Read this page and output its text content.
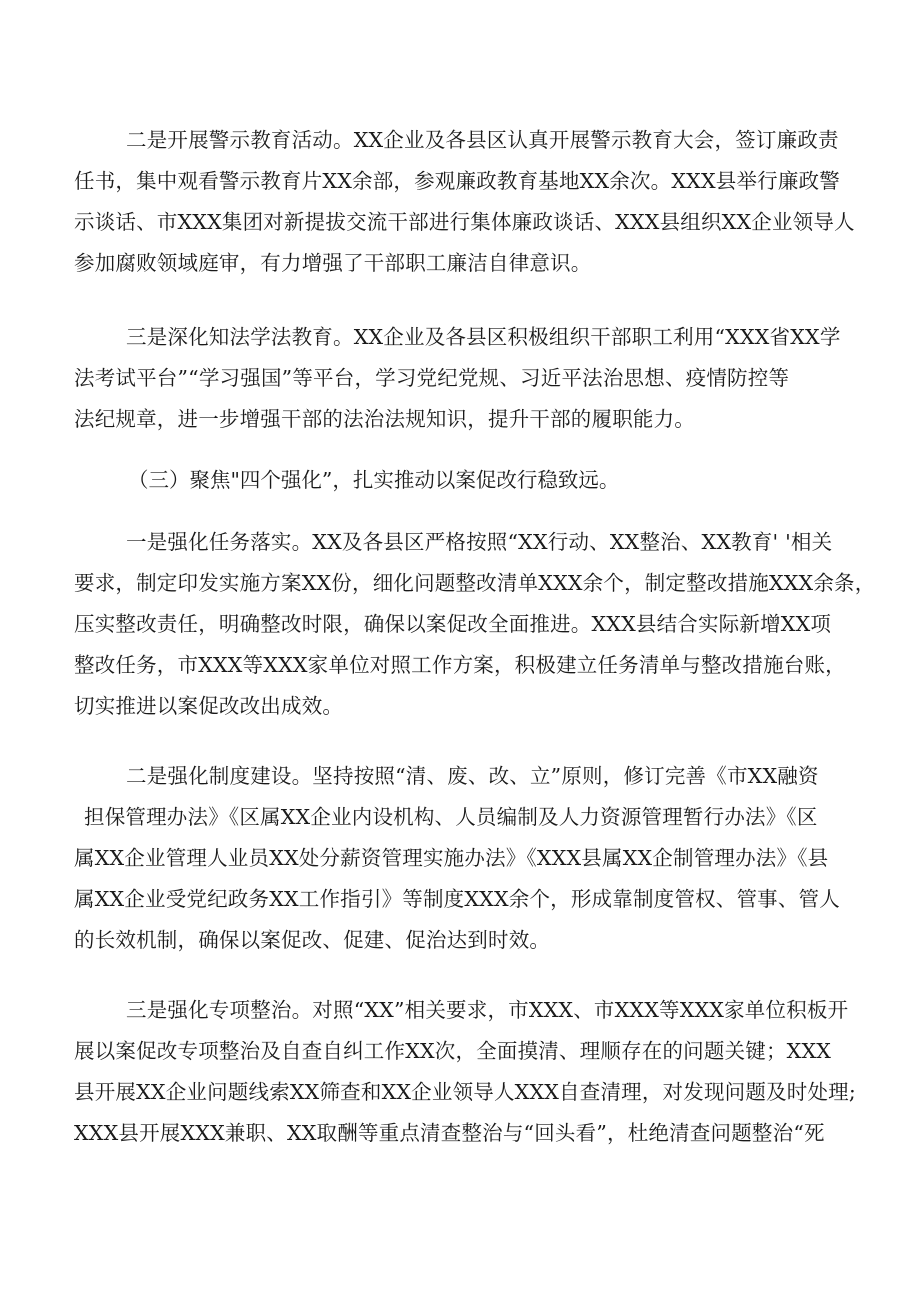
二是开展警示教育活动。XX企业及各县区认真开展警示教育大会，签订廉政责
任书，集中观看警示教育片XX余部，参观廉政教育基地XX余次。XXX县举行廉政警
示谈话、市XXX集团对新提拔交流干部进行集体廉政谈话、XXX县组织XX企业领导人
参加腐败领域庭审，有力增强了干部职工廉洁自律意识。
三是深化知法学法教育。XX企业及各县区积极组织干部职工利用“XXX省XX学
法考试平台”“学习强国”等平台，学习党纪党规、习近平法治思想、疫情防控等
法纪规章，进一步增强干部的法治法规知识，提升干部的履职能力。
（三）聚焦"四个强化”，扎实推动以案促改行稳致远。
一是强化任务落实。XX及各县区严格按照“XX行动、XX整治、XX教育' '相关
要求，制定印发实施方案XX份，细化问题整改清单XXX余个，制定整改措施XXX余条，
压实整改责任，明确整改时限，确保以案促改全面推进。XXX县结合实际新增XX项
整改任务，市XXX等XXX家单位对照工作方案，积极建立任务清单与整改措施台账，
切实推进以案促改改出成效。
二是强化制度建设。坚持按照“清、废、改、立”原则，修订完善《市XX融资
担保管理办法》《区属XX企业内设机构、人员编制及人力资源管理暂行办法》《区
属XX企业管理人业员XX处分薪资管理实施办法》《XXX县属XX企制管理办法》《县
属XX企业受党纪政务XX工作指引》等制度XXX余个，形成靠制度管权、管事、管人
的长效机制，确保以案促改、促建、促治达到时效。
三是强化专项整治。对照“XX”相关要求，市XXX、市XXX等XXX家单位积板开
展以案促改专项整治及自查自纠工作XX次，全面摸清、理顺存在的问题关键；XXX
县开展XX企业问题线索XX筛查和XX企业领导人XXX自查清理，对发现问题及时处理;
XXX县开展XXX兼职、XX取酬等重点清查整治与“回头看”，杜绝清查问题整治“死
